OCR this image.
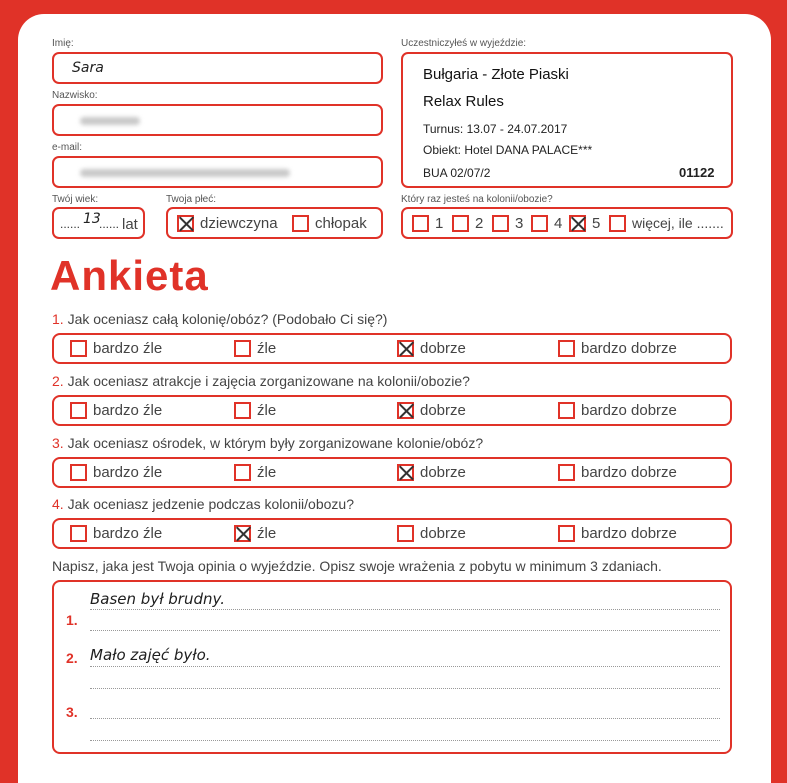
Imię:
Sara
Nazwisko:
e-mail:
Twój wiek:
...... 13
...... lat
Twoja płeć:
dziewczyna chłopak
Uczestniczyłeś w wyjeździe:
Bułgaria - Złote Piaski
Relax Rules
Turnus: 13.07 - 24.07.2017
Obiekt: Hotel DANA PALACE***
BUA 02/07/2	01122
Który raz jesteś na kolonii/obozie?
1 2 3 4 5 więcej, ile .......
Ankieta
1. Jak oceniasz całą kolonię/obóz? (Podobało Ci się?)
bardzo źle	źle	dobrze	bardzo dobrze
2. Jak oceniasz atrakcje i zajęcia zorganizowane na kolonii/obozie?
bardzo źle	źle	dobrze	bardzo dobrze
3. Jak oceniasz ośrodek, w którym były zorganizowane kolonie/obóz?
bardzo źle	źle	dobrze	bardzo dobrze
4. Jak oceniasz jedzenie podczas kolonii/obozu?
bardzo źle	źle	dobrze	bardzo dobrze
Napisz, jaka jest Twoja opinia o wyjeździe. Opisz swoje wrażenia z pobytu w minimum 3 zdaniach.
1.
Basen był brudny.
2. Mało zajęć było.
3.
